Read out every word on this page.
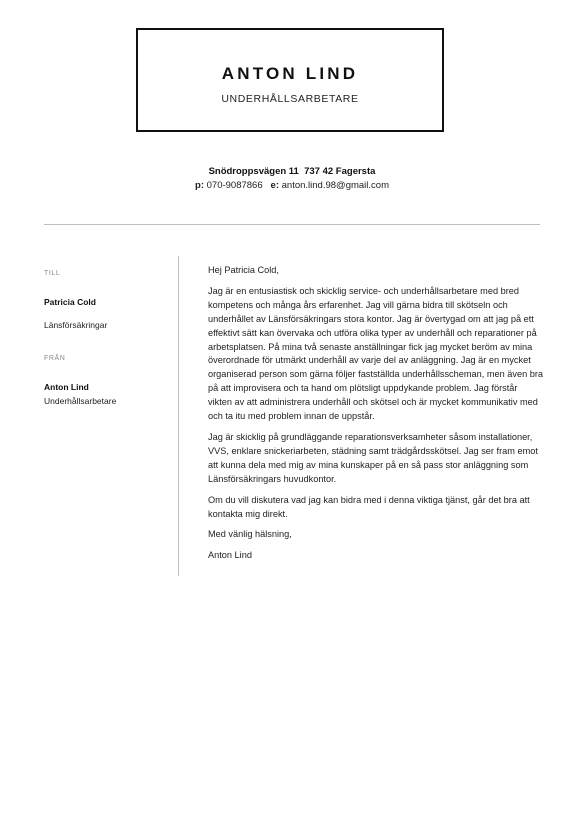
ANTON LIND
UNDERHÅLLSARBETARE
Snödroppsvägen 11  737 42 Fagersta
p: 070-9087866 e: anton.lind.98@gmail.com
TILL
Patricia Cold
Länsförsäkringar
FRÅN
Anton Lind
Underhållsarbetare

Hej Patricia Cold,

Jag är en entusiastisk och skicklig service- och underhållsarbetare med bred kompetens och många års erfarenhet. Jag vill gärna bidra till skötseln och underhållet av Länsförsäkringars stora kontor. Jag är övertygad om att jag på ett effektivt sätt kan övervaka och utföra olika typer av underhåll och reparationer på arbetsplatsen. På mina två senaste anställningar fick jag mycket beröm av mina överordnade för utmärkt underhåll av varje del av anläggning. Jag är en mycket organiserad person som gärna följer fastställda underhållsscheman, men även bra på att improvisera och ta hand om plötsligt uppdykande problem. Jag förstår vikten av att administrera underhåll och skötsel och är mycket kommunikativ med och ta itu med problem innan de uppstår.

Jag är skicklig på grundläggande reparationsverksamheter såsom installationer, VVS, enklare snickeriarbeten, städning samt trädgårdsskötsel. Jag ser fram emot att kunna dela med mig av mina kunskaper på en så pass stor anläggning som Länsförsäkringars huvudkontor.

Om du vill diskutera vad jag kan bidra med i denna viktiga tjänst, går det bra att kontakta mig direkt.

Med vänlig hälsning,

Anton Lind
